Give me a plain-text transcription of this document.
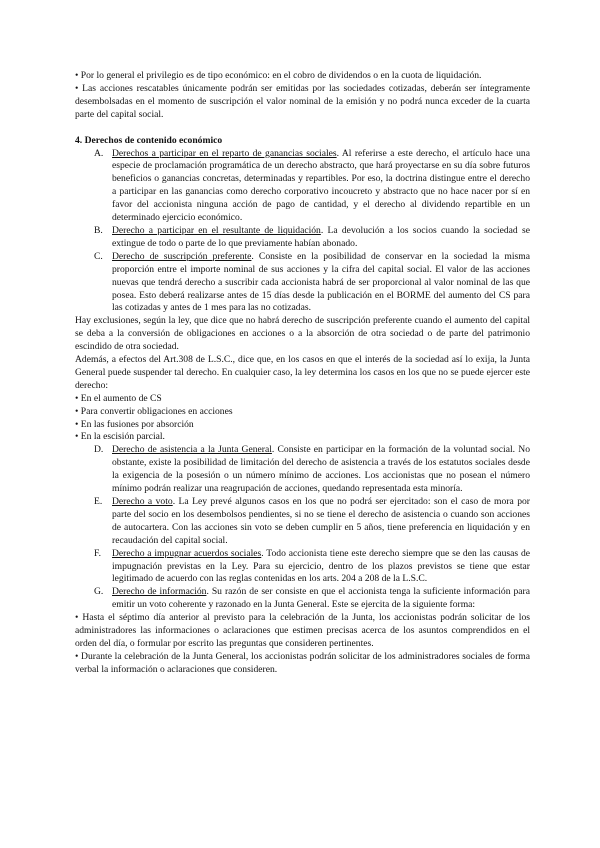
• Por lo general el privilegio es de tipo económico: en el cobro de dividendos o en la cuota de liquidación.

• Las acciones rescatables únicamente podrán ser emitidas por las sociedades cotizadas, deberán ser íntegramente desembolsadas en el momento de suscripción el valor nominal de la emisión y no podrá nunca exceder de la cuarta parte del capital social.

4. Derechos de contenido económico

A. Derechos a participar en el reparto de ganancias sociales. Al referirse a este derecho, el artículo hace una especie de proclamación programática de un derecho abstracto, que hará proyectarse en su día sobre futuros beneficios o ganancias concretas, determinadas y repartibles. Por eso, la doctrina distingue entre el derecho a participar en las ganancias como derecho corporativo incoucreto y abstracto que no hace nacer por sí en favor del accionista ninguna acción de pago de cantidad, y el derecho al dividendo repartible en un determinado ejercicio económico.
B. Derecho a participar en el resultante de liquidación. La devolución a los socios cuando la sociedad se extingue de todo o parte de lo que previamente habían abonado.
C. Derecho de suscripción preferente. Consiste en la posibilidad de conservar en la sociedad la misma proporción entre el importe nominal de sus acciones y la cifra del capital social. El valor de las acciones nuevas que tendrá derecho a suscribir cada accionista habrá de ser proporcional al valor nominal de las que posea. Esto deberá realizarse antes de 15 días desde la publicación en el BORME del aumento del CS para las cotizadas y antes de 1 mes para las no cotizadas.

Hay exclusiones, según la ley, que dice que no habrá derecho de suscripción preferente cuando el aumento del capital se deba a la conversión de obligaciones en acciones o a la absorción de otra sociedad o de parte del patrimonio escindido de otra sociedad.

Además, a efectos del Art.308 de L.S.C., dice que, en los casos en que el interés de la sociedad así lo exija, la Junta General puede suspender tal derecho. En cualquier caso, la ley determina los casos en los que no se puede ejercer este derecho:

• En el aumento de CS

• Para convertir obligaciones en acciones

• En las fusiones por absorción

• En la escisión parcial.

D. Derecho de asistencia a la Junta General. Consiste en participar en la formación de la voluntad social. No obstante, existe la posibilidad de limitación del derecho de asistencia a través de los estatutos sociales desde la exigencia de la posesión o un número mínimo de acciones. Los accionistas que no posean el número mínimo podrán realizar una reagrupación de acciones, quedando representada esta minoría.
E. Derecho a voto. La Ley prevé algunos casos en los que no podrá ser ejercitado: son el caso de mora por parte del socio en los desembolsos pendientes, si no se tiene el derecho de asistencia o cuando son acciones de autocartera. Con las acciones sin voto se deben cumplir en 5 años, tiene preferencia en liquidación y en recaudación del capital social.
F. Derecho a impugnar acuerdos sociales. Todo accionista tiene este derecho siempre que se den las causas de impugnación previstas en la Ley. Para su ejercicio, dentro de los plazos previstos se tiene que estar legitimado de acuerdo con las reglas contenidas en los arts. 204 a 208 de la L.S.C.
G. Derecho de información. Su razón de ser consiste en que el accionista tenga la suficiente información para emitir un voto coherente y razonado en la Junta General. Este se ejercita de la siguiente forma:

• Hasta el séptimo día anterior al previsto para la celebración de la Junta, los accionistas podrán solicitar de los administradores las informaciones o aclaraciones que estimen precisas acerca de los asuntos comprendidos en el orden del día, o formular por escrito las preguntas que consideren pertinentes.

• Durante la celebración de la Junta General, los accionistas podrán solicitar de los administradores sociales de forma verbal la información o aclaraciones que consideren.
